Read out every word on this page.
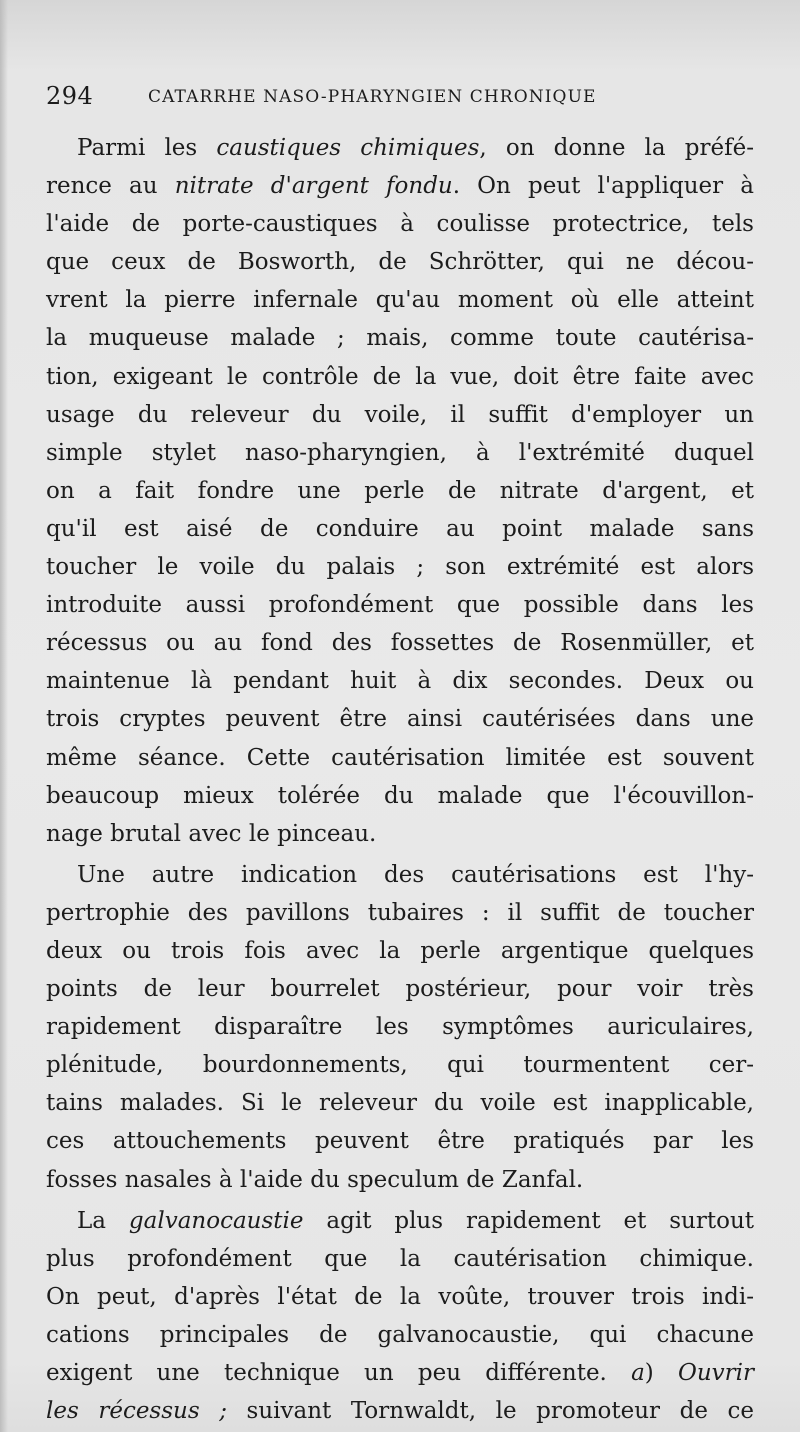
294	CATARRHE NASO-PHARYNGIEN CHRONIQUE
Parmi les caustiques chimiques, on donne la préfé-
rence au nitrate d'argent fondu. On peut l'appliquer à
l'aide de porte-caustiques à coulisse protectrice, tels
que ceux de Bosworth, de Schrötter, qui ne décou-
vrent la pierre infernale qu'au moment où elle atteint
la muqueuse malade ; mais, comme toute cautérisa-
tion, exigeant le contrôle de la vue, doit être faite avec
usage du releveur du voile, il suffit d'employer un
simple stylet naso-pharyngien, à l'extrémité duquel
on a fait fondre une perle de nitrate d'argent, et
qu'il est aisé de conduire au point malade sans
toucher le voile du palais ; son extrémité est alors
introduite aussi profondément que possible dans les
récessus ou au fond des fossettes de Rosenmüller, et
maintenue là pendant huit à dix secondes. Deux ou
trois cryptes peuvent être ainsi cautérisées dans une
même séance. Cette cautérisation limitée est souvent
beaucoup mieux tolérée du malade que l'écouvillon-
nage brutal avec le pinceau.
Une autre indication des cautérisations est l'hy-
pertrophie des pavillons tubaires : il suffit de toucher
deux ou trois fois avec la perle argentique quelques
points de leur bourrelet postérieur, pour voir très
rapidement disparaître les symptômes auriculaires,
plénitude, bourdonnements, qui tourmentent cer-
tains malades. Si le releveur du voile est inapplicable,
ces attouchements peuvent être pratiqués par les
fosses nasales à l'aide du speculum de Zanfal.
La galvanocaustie agit plus rapidement et surtout
plus profondément que la cautérisation chimique.
On peut, d'après l'état de la voûte, trouver trois indi-
cations principales de galvanocaustie, qui chacune
exigent une technique un peu différente. a) Ouvrir
les récessus ; suivant Tornwaldt, le promoteur de ce
